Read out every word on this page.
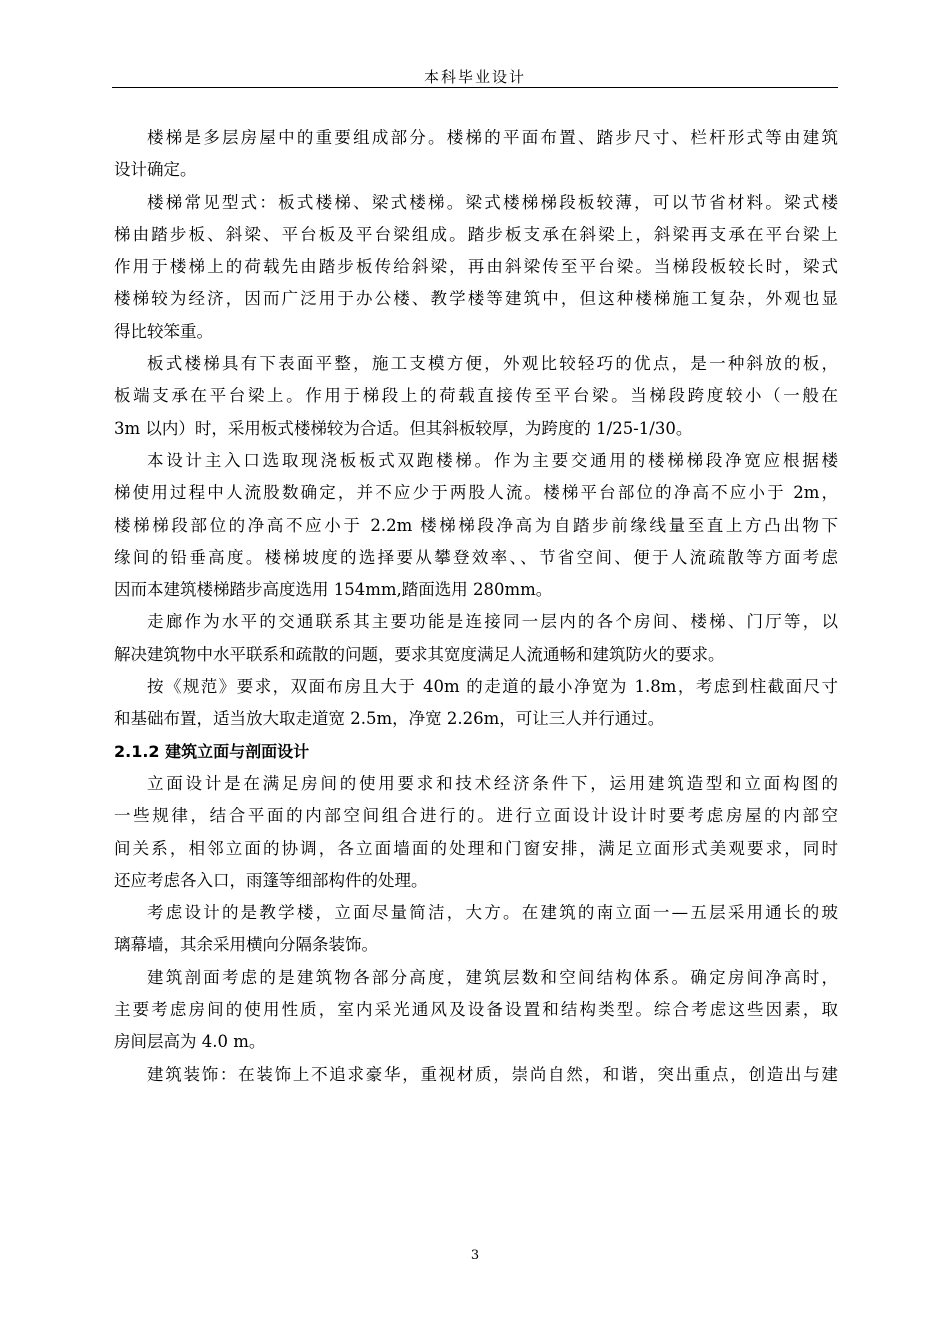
本科毕业设计

楼梯是多层房屋中的重要组成部分。楼梯的平面布置、踏步尺寸、栏杆形式等由建筑
设计确定。

楼梯常见型式：板式楼梯、梁式楼梯。梁式楼梯梯段板较薄，可以节省材料。梁式楼
梯由踏步板、斜梁、平台板及平台梁组成。踏步板支承在斜梁上，斜梁再支承在平台梁上
作用于楼梯上的荷载先由踏步板传给斜梁，再由斜梁传至平台梁。当梯段板较长时，梁式
楼梯较为经济，因而广泛用于办公楼、教学楼等建筑中，但这种楼梯施工复杂，外观也显
得比较笨重。

板式楼梯具有下表面平整，施工支模方便，外观比较轻巧的优点，是一种斜放的板，
板端支承在平台梁上。作用于梯段上的荷载直接传至平台梁。当梯段跨度较小（一般在
3m 以内）时，采用板式楼梯较为合适。但其斜板较厚，为跨度的 1/25-1/30。

本设计主入口选取现浇板板式双跑楼梯。作为主要交通用的楼梯梯段净宽应根据楼
梯使用过程中人流股数确定，并不应少于两股人流。楼梯平台部位的净高不应小于 2m，
楼梯梯段部位的净高不应小于 2.2m 楼梯梯段净高为自踏步前缘线量至直上方凸出物下
缘间的铅垂高度。楼梯坡度的选择要从攀登效率、、节省空间、便于人流疏散等方面考虑
因而本建筑楼梯踏步高度选用 154mm,踏面选用 280mm。

走廊作为水平的交通联系其主要功能是连接同一层内的各个房间、楼梯、门厅等，以
解决建筑物中水平联系和疏散的问题，要求其宽度满足人流通畅和建筑防火的要求。

按《规范》要求，双面布房且大于 40m 的走道的最小净宽为 1.8m，考虑到柱截面尺寸
和基础布置，适当放大取走道宽 2.5m，净宽 2.26m，可让三人并行通过。

2.1.2 建筑立面与剖面设计

立面设计是在满足房间的使用要求和技术经济条件下，运用建筑造型和立面构图的
一些规律，结合平面的内部空间组合进行的。进行立面设计设计时要考虑房屋的内部空
间关系，相邻立面的协调，各立面墙面的处理和门窗安排，满足立面形式美观要求，同时
还应考虑各入口，雨篷等细部构件的处理。

考虑设计的是教学楼，立面尽量简洁，大方。在建筑的南立面一—五层采用通长的玻
璃幕墙，其余采用横向分隔条装饰。

建筑剖面考虑的是建筑物各部分高度，建筑层数和空间结构体系。确定房间净高时，
主要考虑房间的使用性质，室内采光通风及设备设置和结构类型。综合考虑这些因素，取
房间层高为 4.0 m。

建筑装饰：在装饰上不追求豪华，重视材质，崇尚自然，和谐，突出重点，创造出与建

3
